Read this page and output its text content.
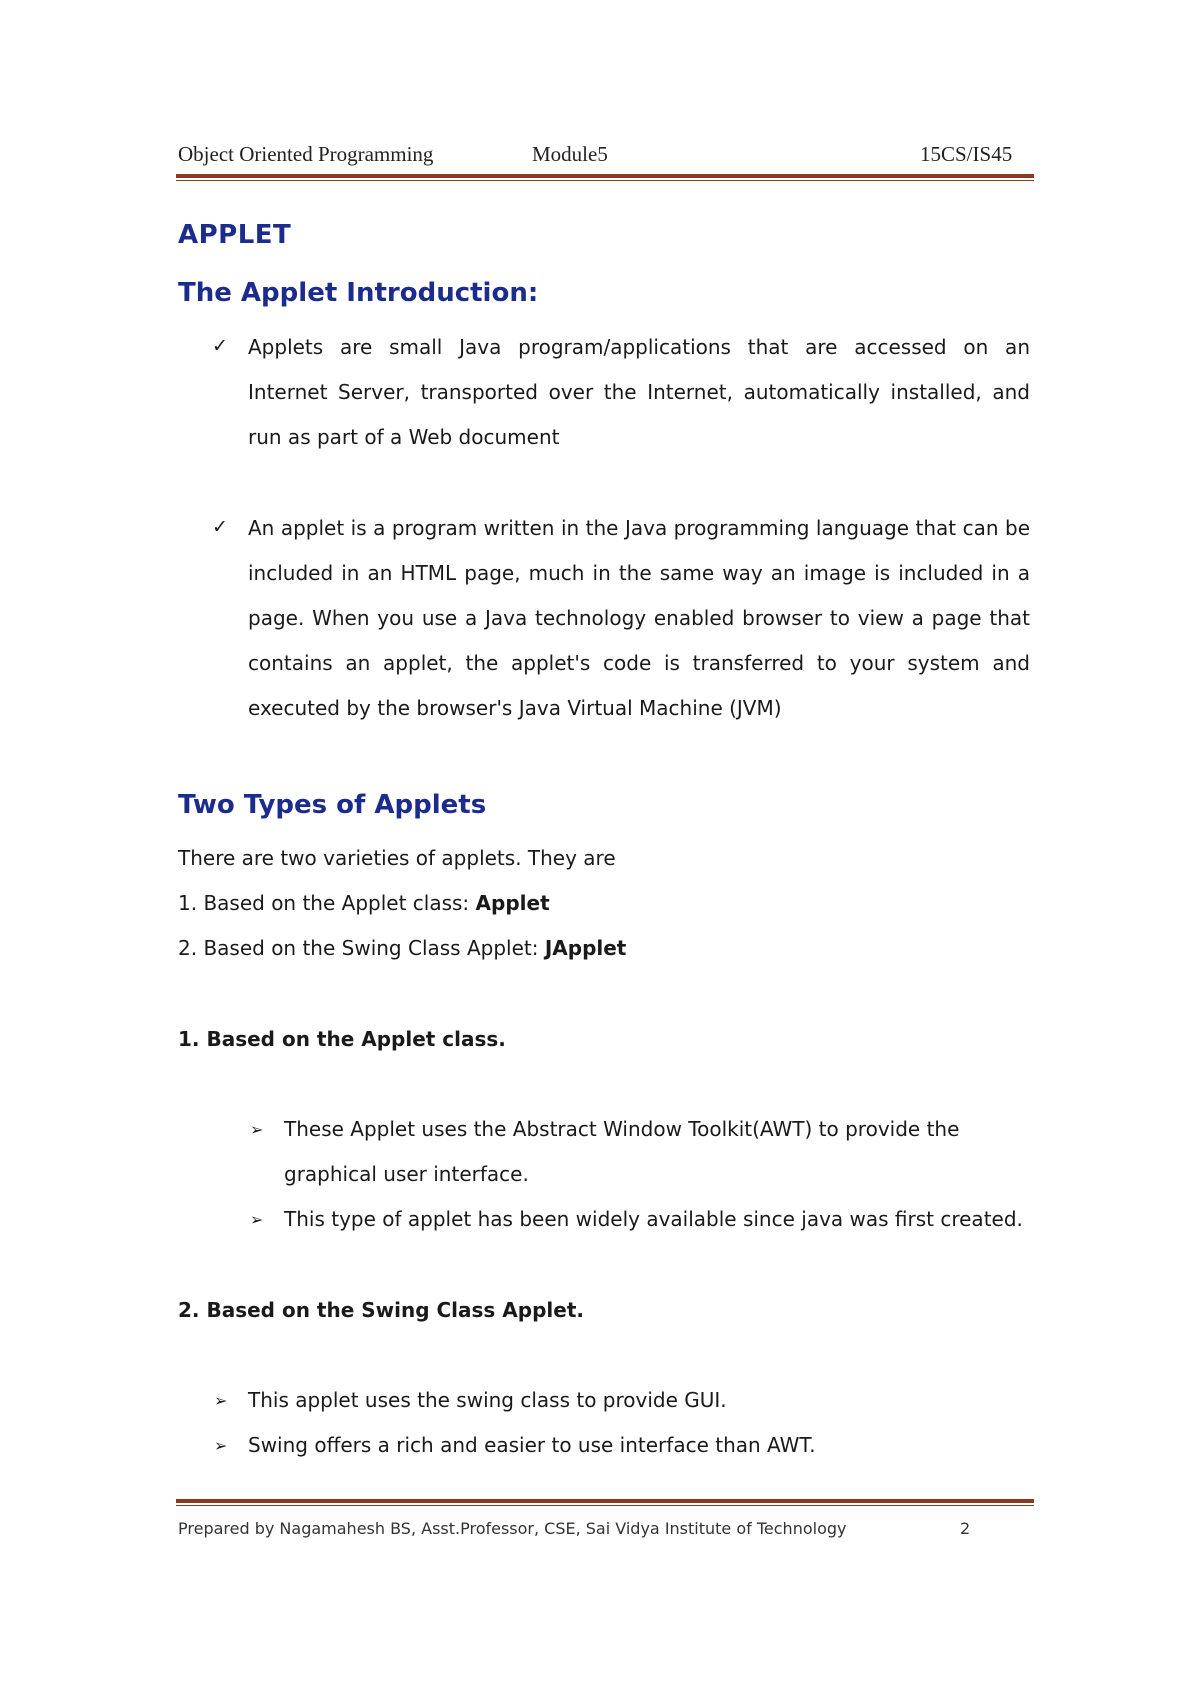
Object Oriented Programming	Module5	15CS/IS45
APPLET
The Applet Introduction:
✓ Applets are small Java program/applications that are accessed on an
Internet Server, transported over the Internet, automatically installed, and
run as part of a Web document
✓ An applet is a program written in the Java programming language that can be
included in an HTML page, much in the same way an image is included in a
page. When you use a Java technology enabled browser to view a page that
contains an applet, the applet's code is transferred to your system and
executed by the browser's Java Virtual Machine (JVM)
Two Types of Applets
There are two varieties of applets. They are
1. Based on the Applet class: Applet
2. Based on the Swing Class Applet: JApplet
1. Based on the Applet class.
➢ These Applet uses the Abstract Window Toolkit(AWT) to provide the
graphical user interface.
➢ This type of applet has been widely available since java was first created.
2. Based on the Swing Class Applet.
➢ This applet uses the swing class to provide GUI.
➢ Swing offers a rich and easier to use interface than AWT.
Prepared by Nagamahesh BS, Asst.Professor, CSE, Sai Vidya Institute of Technology	2
